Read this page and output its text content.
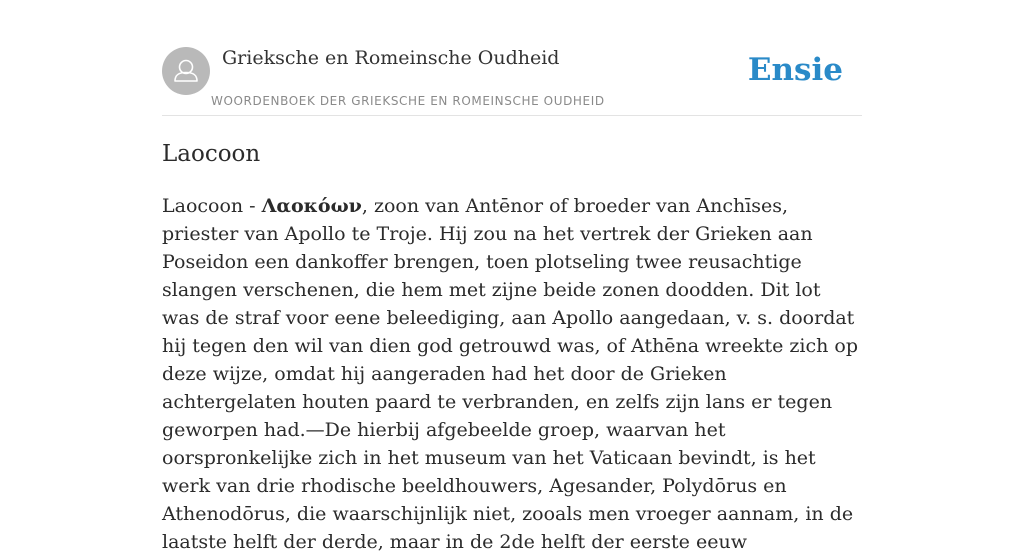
Grieksche en Romeinsche Oudheid
WOORDENBOEK DER GRIEKSCHE EN ROMEINSCHE OUDHEID
Ensie
Laocoon

Laocoon - Λαοκόων, zoon van Antēnor of broeder van Anchīses, priester van Apollo te Troje. Hij zou na het vertrek der Grieken aan Poseidon een dankoffer brengen, toen plotseling twee reusachtige slangen verschenen, die hem met zijne beide zonen doodden. Dit lot was de straf voor eene beleediging, aan Apollo aangedaan, v. s. doordat hij tegen den wil van dien god getrouwd was, of Athēna wreekte zich op deze wijze, omdat hij aangeraden had het door de Grieken achtergelaten houten paard te verbranden, en zelfs zijn lans er tegen geworpen had.—De hierbij afgebeelde groep, waarvan het oorspronkelijke zich in het museum van het Vaticaan bevindt, is het werk van drie rhodische beeldhouwers, Agesander, Polydōrus en Athenodōrus, die waarschijnlijk niet, zooals men vroeger aannam, in de laatste helft der derde, maar in de 2de helft der eerste eeuw
